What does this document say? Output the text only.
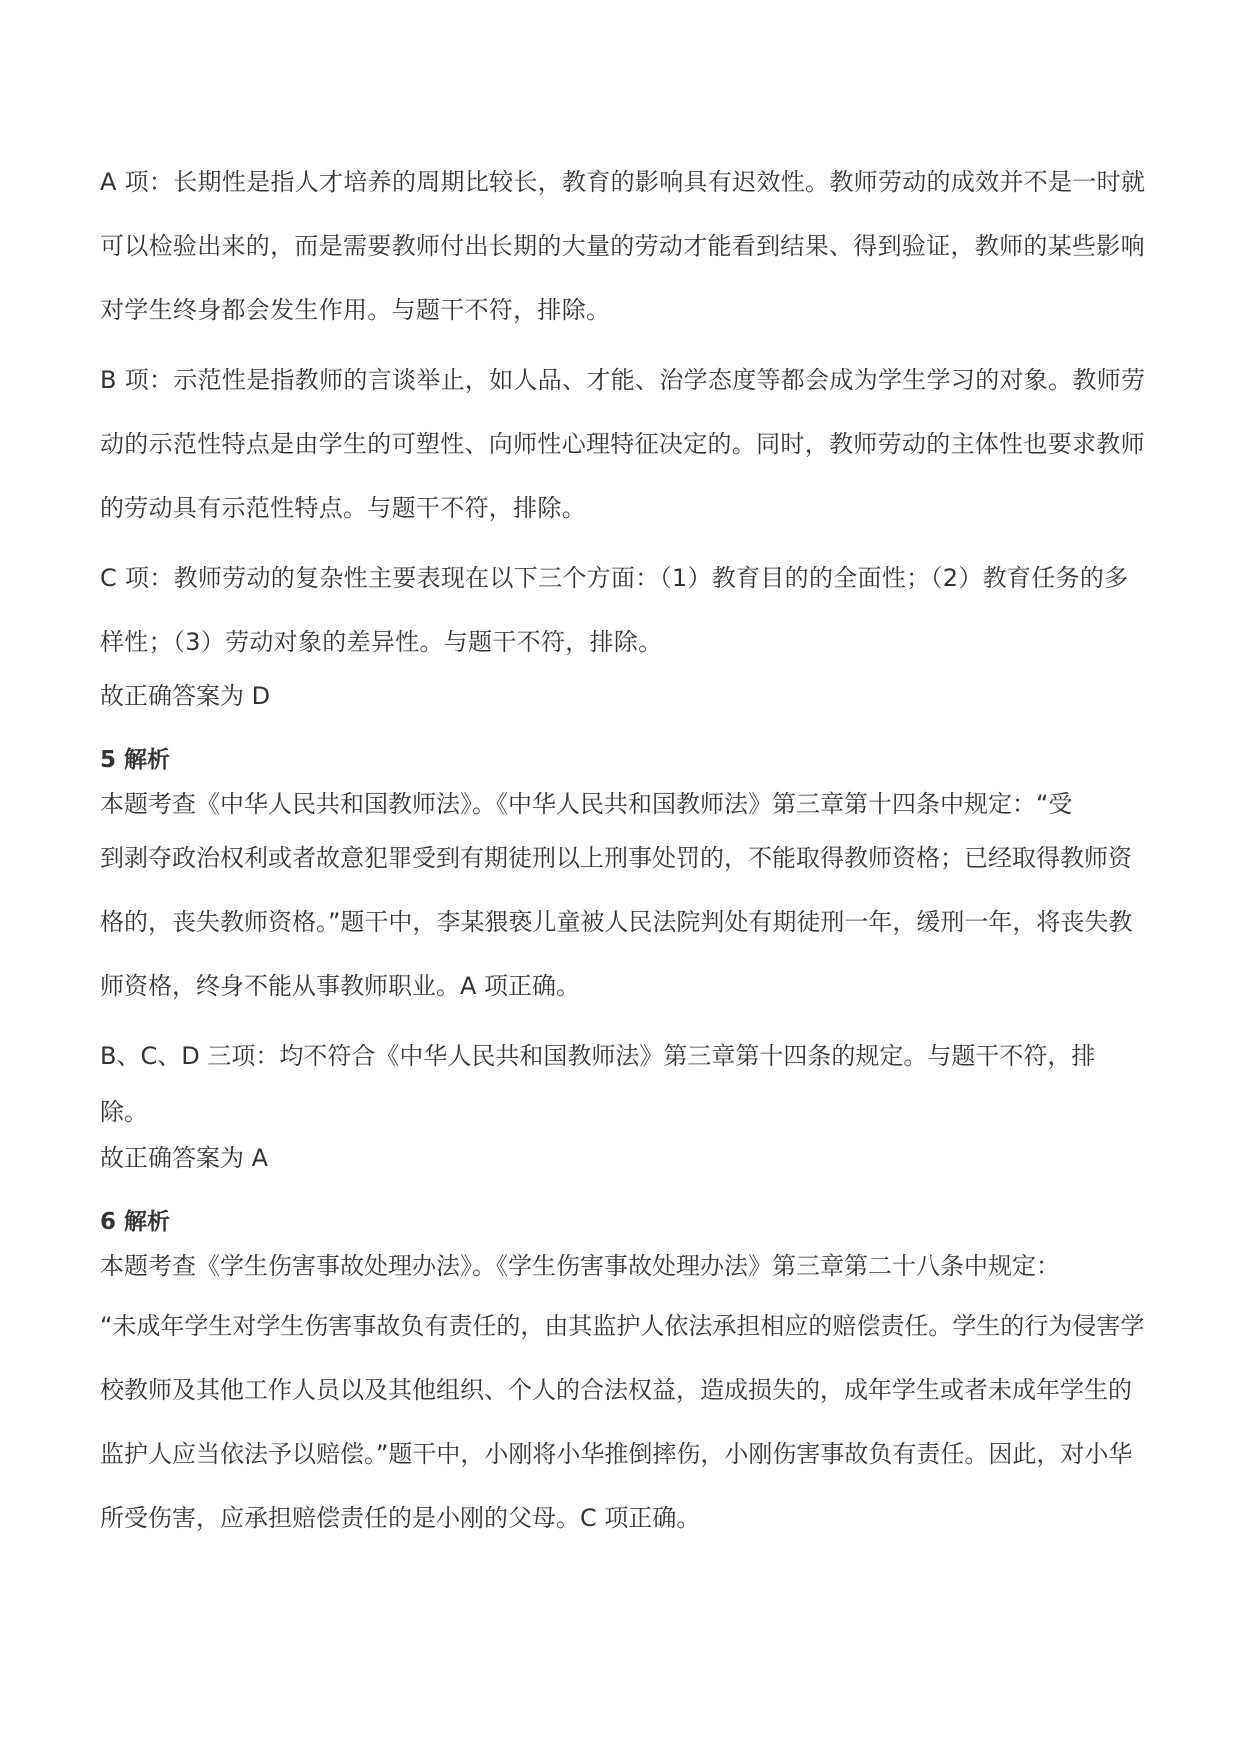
A 项：长期性是指人才培养的周期比较长，教育的影响具有迟效性。教师劳动的成效并不是一时就可以检验出来的，而是需要教师付出长期的大量的劳动才能看到结果、得到验证，教师的某些影响对学生终身都会发生作用。与题干不符，排除。

B 项：示范性是指教师的言谈举止，如人品、才能、治学态度等都会成为学生学习的对象。教师劳动的示范性特点是由学生的可塑性、向师性心理特征决定的。同时，教师劳动的主体性也要求教师的劳动具有示范性特点。与题干不符，排除。

C 项：教师劳动的复杂性主要表现在以下三个方面：（1）教育目的的全面性；（2）教育任务的多样性；（3）劳动对象的差异性。与题干不符，排除。

故正确答案为 D

5 解析

本题考查《中华人民共和国教师法》。《中华人民共和国教师法》第三章第十四条中规定：“受

到剥夺政治权利或者故意犯罪受到有期徒刑以上刑事处罚的，不能取得教师资格；已经取得教师资格的，丧失教师资格。”题干中，李某猥亵儿童被人民法院判处有期徒刑一年，缓刑一年，将丧失教师资格，终身不能从事教师职业。A 项正确。

B、C、D 三项：均不符合《中华人民共和国教师法》第三章第十四条的规定。与题干不符，排

除。

故正确答案为 A

6 解析

本题考查《学生伤害事故处理办法》。《学生伤害事故处理办法》第三章第二十八条中规定：

“未成年学生对学生伤害事故负有责任的，由其监护人依法承担相应的赔偿责任。学生的行为侵害学校教师及其他工作人员以及其他组织、个人的合法权益，造成损失的，成年学生或者未成年学生的监护人应当依法予以赔偿。”题干中，小刚将小华推倒摔伤，小刚伤害事故负有责任。因此，对小华所受伤害，应承担赔偿责任的是小刚的父母。C 项正确。
